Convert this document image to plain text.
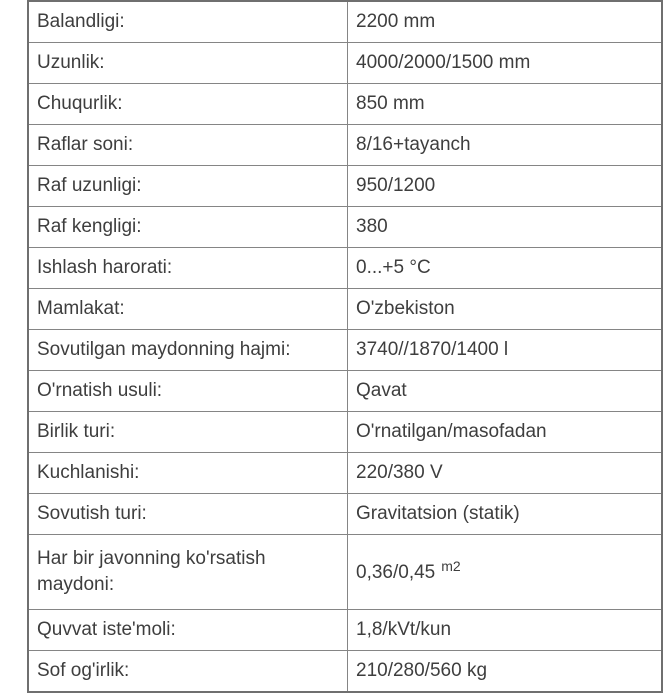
Balandligi:	2200 mm
Uzunlik:	4000/2000/1500 mm
Chuqurlik:	850 mm
Raflar soni:	8/16+tayanch
Raf uzunligi:	950/1200
Raf kengligi:	380
Ishlash harorati:	0...+5 °C
Mamlakat:	O'zbekiston
Sovutilgan maydonning hajmi:	3740//1870/1400 l
O'rnatish usuli:	Qavat
Birlik turi:	O'rnatilgan/masofadan
Kuchlanishi:	220/380 V
Sovutish turi:	Gravitatsion (statik)
Har bir javonning ko'rsatish maydoni:	0,36/0,45 $^{m2}$
Quvvat iste'moli:	1,8/kVt/kun
Sof og'irlik:	210/280/560 kg
